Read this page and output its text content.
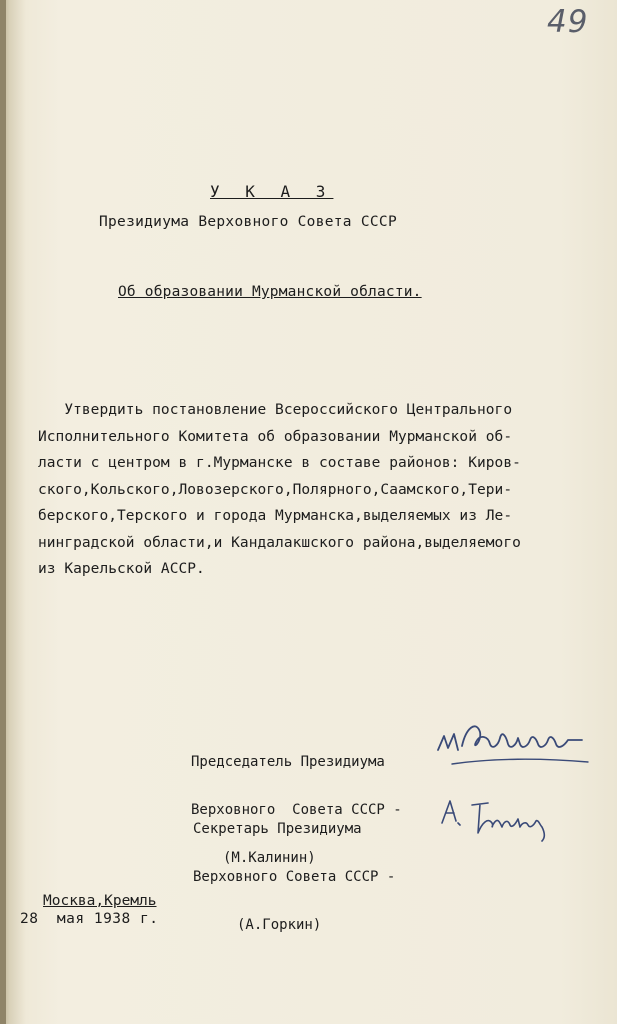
49
У К А З
Президиума Верховного Совета СССР
Об образовании Мурманской области.
Утвердить постановление Всероссийского Центрального
Исполнительного Комитета об образовании Мурманской об-
ласти с центром в г.Мурманске в составе районов: Киров-
ского,Кольского,Ловозерского,Полярного,Саамского,Тери-
берского,Терского и города Мурманска,выделяемых из Ле-
нинградской области,и Кандалакшского района,выделяемого
из Карельской АССР.

Председатель Президиума

Верховного  Совета СССР -

(М.Калинин)

Секретарь Президиума

Верховного Совета СССР -

(А.Горкин)

Москва,Кремль
28  мая 1938 г.
